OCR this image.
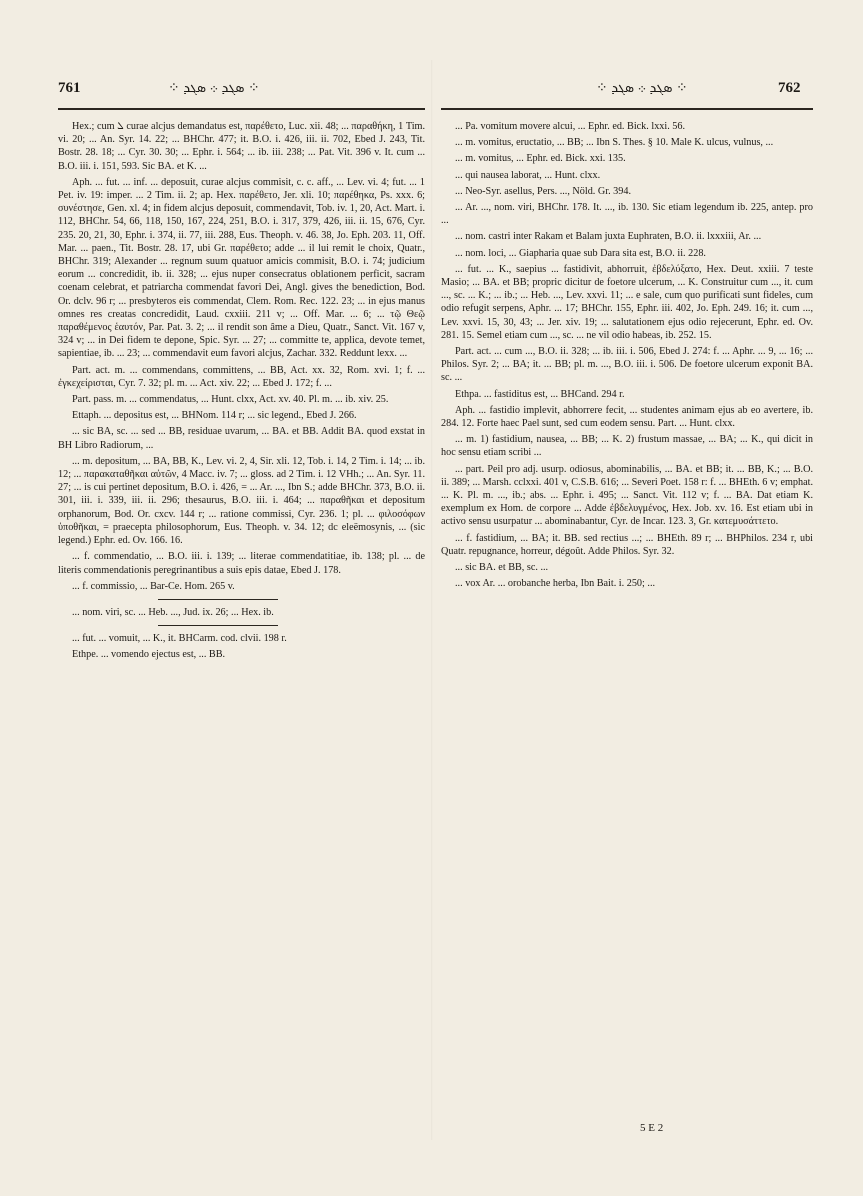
761	⁘ ܣܓܕ ܀ ܣܓܕ ⁘	⁘ ܣܓܕ ܀ ܣܓܕ ⁘	762

Hex.; cum ܠ curae alcjus demandatus est, παρέθετο, Luc. xii. 48; ... παραθήκη, 1 Tim. vi. 20; ... An. Syr. 14. 22; ... BHChr. 477; it. B.O. i. 426, iii. ii. 702, Ebed J. 243, Tit. Bostr. 28. 18; ... Cyr. 30. 30; ... Ephr. i. 564; ... ib. iii. 238; ... Pat. Vit. 396 v. It. cum ... B.O. iii. i. 151, 593. Sic BA. et K. ...

Aph. ... fut. ... inf. ... deposuit, curae alcjus commisit, c. c. aff., ... Lev. vi. 4; fut. ... 1 Pet. iv. 19: imper. ... 2 Tim. ii. 2; ap. Hex. παρέθετο, Jer. xli. 10; παρέθηκα, Ps. xxx. 6; συνέστησε, Gen. xl. 4; in fidem alcjus deposuit, commendavit, Tob. iv. 1, 20, Act. Mart. i. 112, BHChr. 54, 66, 118, 150, 167, 224, 251, B.O. i. 317, 379, 426, iii. ii. 15, 676, Cyr. 235. 20, 21, 30, Ephr. i. 374, ii. 77, iii. 288, Eus. Theoph. v. 46. 38, Jo. Eph. 203. 11, Off. Mar. ... paen., Tit. Bostr. 28. 17, ubi Gr. παρέθετο; adde ... il lui remit le choix, Quatr., BHChr. 319; Alexander ... regnum suum quatuor amicis commisit, B.O. i. 74; judicium eorum ... concredidit, ib. ii. 328; ... ejus nuper consecratus oblationem perficit, sacram coenam celebrat, et patriarcha commendat favori Dei, Angl. gives the benediction, Bod. Or. dclv. 96 r; ... presbyteros eis commendat, Clem. Rom. Rec. 122. 23; ... in ejus manus omnes res creatas concredidit, Laud. cxxiii. 211 v; ... Off. Mar. ... 6; ... τῷ Θεῷ παραθέμενος ἑαυτόν, Par. Pat. 3. 2; ... il rendit son âme a Dieu, Quatr., Sanct. Vit. 167 v, 324 v; ... in Dei fidem te depone, Spic. Syr. ... 27; ... committe te, applica, devote temet, sapientiae, ib. ... 23; ... commendavit eum favori alcjus, Zachar. 332. Reddunt lexx. ...

Part. act. m. ... commendans, committens, ... BB, Act. xx. 32, Rom. xvi. 1; f. ... ἐγκεχείρισται, Cyr. 7. 32; pl. m. ... Act. xiv. 22; ... Ebed J. 172; f. ...

Part. pass. m. ... commendatus, ... Hunt. clxx, Act. xv. 40. Pl. m. ... ib. xiv. 25.

Ettaph. ... depositus est, ... BHNom. 114 r; ... sic legend., Ebed J. 266.

... sic BA, sc. ... sed ... BB, residuae uvarum, ... BA. et BB. Addit BA. quod exstat in BH Libro Radiorum, ...

... m. depositum, ... BA, BB, K., Lev. vi. 2, 4, Sir. xli. 12, Tob. i. 14, 2 Tim. i. 14; ... ib. 12; ... παρακαταθῆκαι αὐτῶν, 4 Macc. iv. 7; ... gloss. ad 2 Tim. i. 12 VHh.; ... An. Syr. 11. 27; ... is cui pertinet depositum, B.O. i. 426, = ... Ar. ..., Ibn S.; adde BHChr. 373, B.O. ii. 301, iii. i. 339, iii. ii. 296; thesaurus, B.O. iii. i. 464; ... παραθῆκαι et depositum orphanorum, Bod. Or. cxcv. 144 r; ... ratione commissi, Cyr. 236. 1; pl. ... φιλοσόφων ὑποθῆκαι, = praecepta philosophorum, Eus. Theoph. v. 34. 12; dc eleëmosynis, ... (sic legend.) Ephr. ed. Ov. 166. 16.

... f. commendatio, ... B.O. iii. i. 139; ... literae commendatitiae, ib. 138; pl. ... de literis commendationis peregrinantibus a suis epis datae, Ebed J. 178.

... f. commissio, ... Bar-Ce. Hom. 265 v.

... nom. viri, sc. ... Heb. ..., Jud. ix. 26; ... Hex. ib.

... fut. ... vomuit, ... K., it. BHCarm. cod. clvii. 198 r.

Ethpe. ... vomendo ejectus est, ... BB.

... Pa. vomitum movere alcui, ... Ephr. ed. Bick. lxxi. 56.

... m. vomitus, eructatio, ... BB; ... Ibn S. Thes. § 10. Male K. ulcus, vulnus, ...

... m. vomitus, ... Ephr. ed. Bick. xxi. 135.

... qui nausea laborat, ... Hunt. clxx.

... Neo-Syr. asellus, Pers. ..., Nöld. Gr. 394.

... Ar. ..., nom. viri, BHChr. 178. It. ..., ib. 130. Sic etiam legendum ib. 225, antep. pro ...

... nom. castri inter Rakam et Balam juxta Euphraten, B.O. ii. lxxxiii, Ar. ...

... nom. loci, ... Giapharia quae sub Dara sita est, B.O. ii. 228.

... fut. ... K., saepius ... fastidivit, abhorruit, ἐβδελύξατο, Hex. Deut. xxiii. 7 teste Masio; ... BA. et BB; propric dicitur de foetore ulcerum, ... K. Construitur cum ..., it. cum ..., sc. ... K.; ... ib.; ... Heb. ..., Lev. xxvi. 11; ... e sale, cum quo purificati sunt fideles, cum odio refugit serpens, Aphr. ... 17; BHChr. 155, Ephr. iii. 402, Jo. Eph. 249. 16; it. cum ..., Lev. xxvi. 15, 30, 43; ... Jer. xiv. 19; ... salutationem ejus odio rejecerunt, Ephr. ed. Ov. 281. 15. Semel etiam cum ..., sc. ... ne vil odio habeas, ib. 252. 15.

Part. act. ... cum ..., B.O. ii. 328; ... ib. iii. i. 506, Ebed J. 274: f. ... Aphr. ... 9, ... 16; ... Philos. Syr. 2; ... BA; it. ... BB; pl. m. ..., B.O. iii. i. 506. De foetore ulcerum exponit BA. sc. ...

Ethpa. ... fastiditus est, ... BHCand. 294 r.

Aph. ... fastidio implevit, abhorrere fecit, ... studentes animam ejus ab eo avertere, ib. 284. 12. Forte haec Pael sunt, sed cum eodem sensu. Part. ... Hunt. clxx.

... m. 1) fastidium, nausea, ... BB; ... K. 2) frustum massae, ... BA; ... K., qui dicit in hoc sensu etiam scribi ...

... part. Peil pro adj. usurp. odiosus, abominabilis, ... BA. et BB; it. ... BB, K.; ... B.O. ii. 389; ... Marsh. cclxxi. 401 v, C.S.B. 616; ... Severi Poet. 158 r: f. ... BHEth. 6 v; emphat. ... K. Pl. m. ..., ib.; abs. ... Ephr. i. 495; ... Sanct. Vit. 112 v; f. ... BA. Dat etiam K. exemplum ex Hom. de corpore ... Adde ἐβδελυγμένος, Hex. Job. xv. 16. Est etiam ubi in activo sensu usurpatur ... abominabantur, Cyr. de Incar. 123. 3, Gr. κατεμυσάττετο.

... f. fastidium, ... BA; it. BB. sed rectius ...; ... BHEth. 89 r; ... BHPhilos. 234 r, ubi Quatr. repugnance, horreur, dégoût. Adde Philos. Syr. 32.

... sic BA. et BB, sc. ...

... vox Ar. ... orobanche herba, Ibn Bait. i. 250; ...

5 E 2
